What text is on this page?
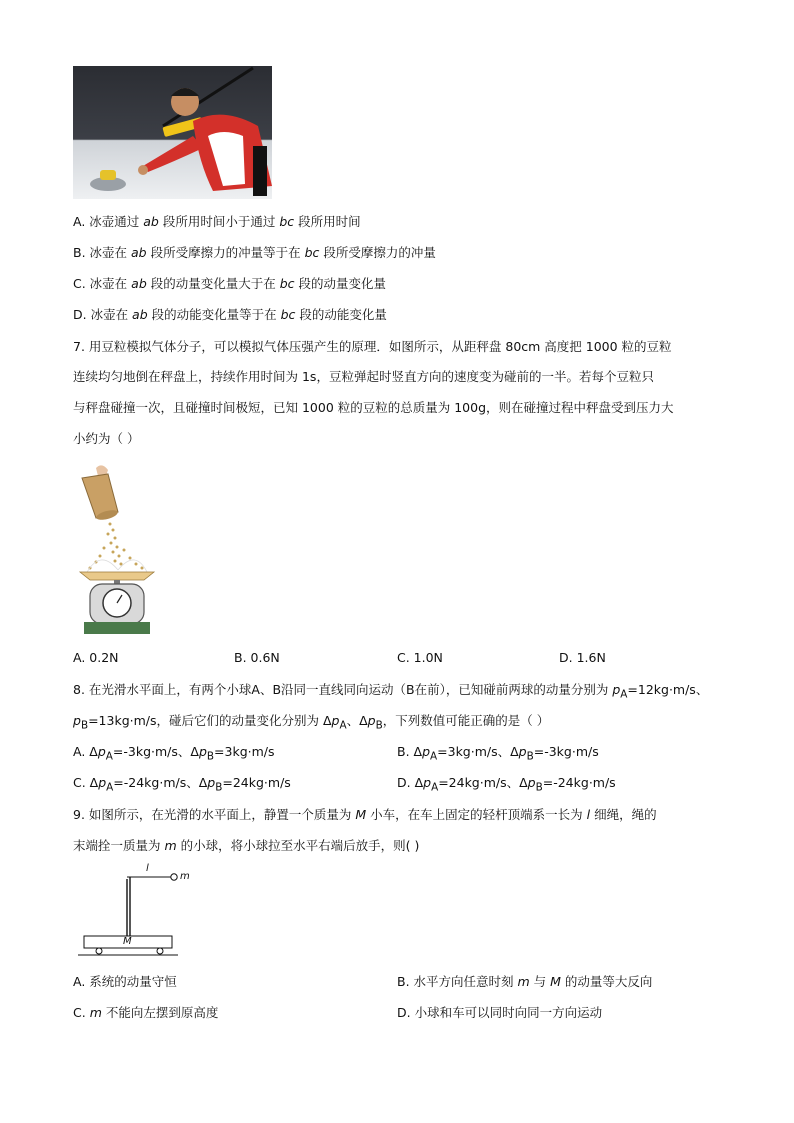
A. 冰壶通过 ab 段所用时间小于通过 bc 段所用时间
B. 冰壶在 ab 段所受摩擦力的冲量等于在 bc 段所受摩擦力的冲量
C. 冰壶在 ab 段的动量变化量大于在 bc 段的动量变化量
D. 冰壶在 ab 段的动能变化量等于在 bc 段的动能变化量
7. 用豆粒模拟气体分子，可以模拟气体压强产生的原理．如图所示，从距秤盘 80cm 高度把 1000 粒的豆粒
连续均匀地倒在秤盘上，持续作用时间为 1s，豆粒弹起时竖直方向的速度变为碰前的一半。若每个豆粒只
与秤盘碰撞一次，且碰撞时间极短，已知 1000 粒的豆粒的总质量为 100g，则在碰撞过程中秤盘受到压力大
小约为（ ）
A. 0.2N	B. 0.6N	C. 1.0N	D. 1.6N
8. 在光滑水平面上，有两个小球A、B沿同一直线同向运动（B在前），已知碰前两球的动量分别为 $p_A=12kg\cdot m/s$、
$p_B=13kg\cdot m/s$，碰后它们的动量变化分别为 $\Delta p_A$、$\Delta p_B$，下列数值可能正确的是（ ）
A. $\Delta p_A=-3kg\cdot m/s$、$\Delta p_B=3kg\cdot m/s$	B. $\Delta p_A=3kg\cdot m/s$、$\Delta p_B=-3kg\cdot m/s$
C. $\Delta p_A=-24kg\cdot m/s$、$\Delta p_B=24kg\cdot m/s$	D. $\Delta p_A=24kg\cdot m/s$、$\Delta p_B=-24kg\cdot m/s$
9. 如图所示，在光滑的水平面上，静置一个质量为 M 小车，在车上固定的轻杆顶端系一长为 l 细绳，绳的
末端拴一质量为 m 的小球，将小球拉至水平右端后放手，则( )
l
m
M
A. 系统的动量守恒	B. 水平方向任意时刻 m 与 M 的动量等大反向
C. m 不能向左摆到原高度	D. 小球和车可以同时向同一方向运动
